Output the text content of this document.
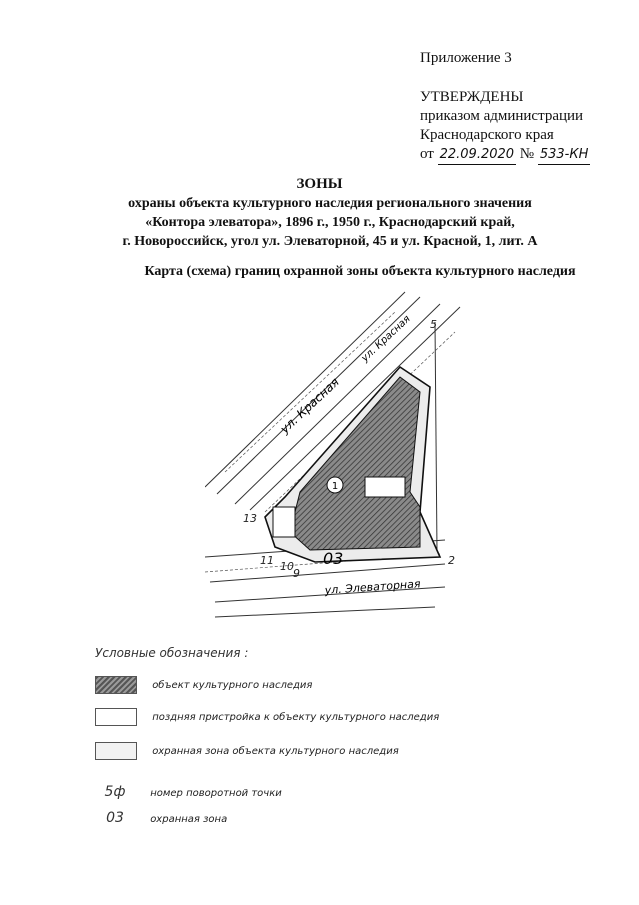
Приложение 3
УТВЕРЖДЕНЫ
приказом администрации
Краснодарского края
от 22.09.2020 № 533-КН
ЗОНЫ
охраны объекта культурного наследия регионального значения
«Контора элеватора», 1896 г., 1950 г., Краснодарский край,
г. Новороссийск, угол ул. Элеваторной, 45 и ул. Красной, 1, лит. А
Карта (схема) границ охранной зоны объекта культурного наследия
1
ул. Красная
ул. Красная
ул. Элеваторная
03	2
5
9
10
11
13
Условные обозначения :
объект культурного наследия
поздняя пристройка к объекту культурного наследия
охранная зона объекта культурного наследия
5ф номер поворотной точки
03	охранная зона
